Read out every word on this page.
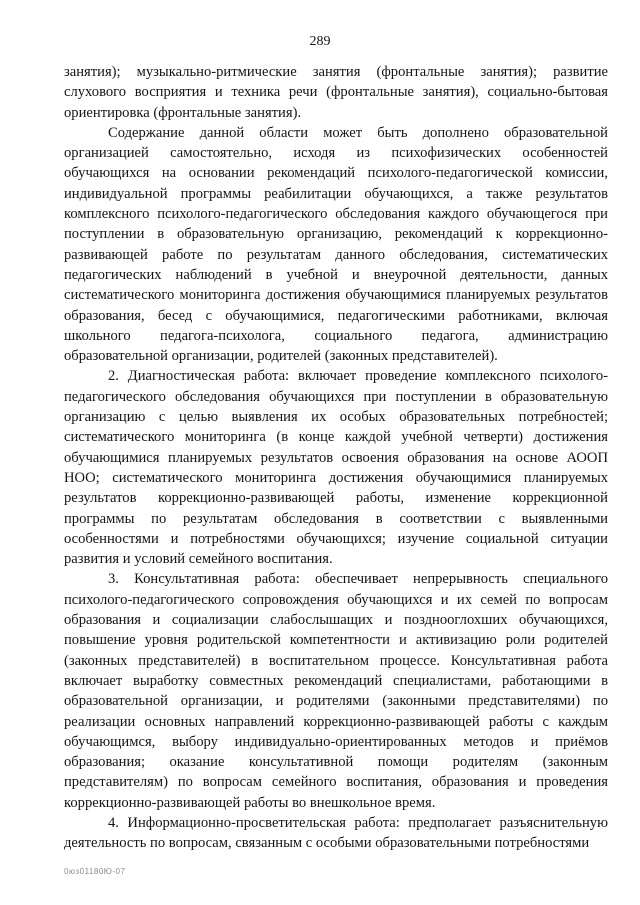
289

занятия); музыкально-ритмические занятия (фронтальные занятия); развитие слухового восприятия и техника речи (фронтальные занятия), социально-бытовая ориентировка (фронтальные занятия).

Содержание данной области может быть дополнено образовательной организацией самостоятельно, исходя из психофизических особенностей обучающихся на основании рекомендаций психолого-педагогической комиссии, индивидуальной программы реабилитации обучающихся, а также результатов комплексного психолого-педагогического обследования каждого обучающегося при поступлении в образовательную организацию, рекомендаций к коррекционно-развивающей работе по результатам данного обследования, систематических педагогических наблюдений в учебной и внеурочной деятельности, данных систематического мониторинга достижения обучающимися планируемых результатов образования, бесед с обучающимися, педагогическими работниками, включая школьного педагога-психолога, социального педагога, администрацию образовательной организации, родителей (законных представителей).

2. Диагностическая работа: включает проведение комплексного психолого-педагогического обследования обучающихся при поступлении в образовательную организацию с целью выявления их особых образовательных потребностей; систематического мониторинга (в конце каждой учебной четверти) достижения обучающимися планируемых результатов освоения образования на основе АООП НОО; систематического мониторинга достижения обучающимися планируемых результатов коррекционно-развивающей работы, изменение коррекционной программы по результатам обследования в соответствии с выявленными особенностями и потребностями обучающихся; изучение социальной ситуации развития и условий семейного воспитания.

3. Консультативная работа: обеспечивает непрерывность специального психолого-педагогического сопровождения обучающихся и их семей по вопросам образования и социализации слабослышащих и позднооглохших обучающихся, повышение уровня родительской компетентности и активизацию роли родителей (законных представителей) в воспитательном процессе. Консультативная работа включает выработку совместных рекомендаций специалистами, работающими в образовательной организации, и родителями (законными представителями) по реализации основных направлений коррекционно-развивающей работы с каждым обучающимся, выбору индивидуально-ориентированных методов и приёмов образования; оказание консультативной помощи родителям (законным представителям) по вопросам семейного воспитания, образования и проведения коррекционно-развивающей работы во внешкольное время.

4. Информационно-просветительская работа: предполагает разъяснительную деятельность по вопросам, связанным с особыми образовательными потребностями

0юз01180Ю-07
